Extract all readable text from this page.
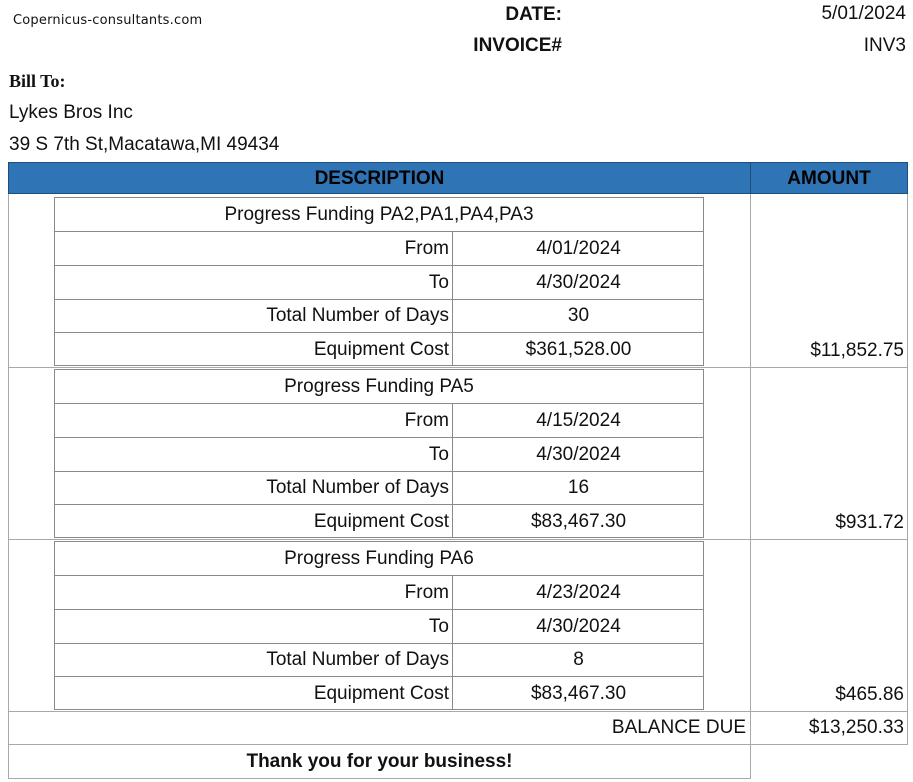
Copernicus-consultants.com	DATE:	5/01/2024
INVOICE#	INV3
Bill To:
Lykes Bros Inc
39 S 7th St,Macatawa,MI 49434
DESCRIPTION	AMOUNT
Progress Funding PA2,PA1,PA4,PA3
From	4/01/2024
To	4/30/2024
Total Number of Days	30
Equipment Cost	$361,528.00	$11,852.75
Progress Funding PA5
From	4/15/2024
To	4/30/2024
Total Number of Days	16
Equipment Cost	$83,467.30	$931.72
Progress Funding PA6
From	4/23/2024
To	4/30/2024
Total Number of Days	8
Equipment Cost	$83,467.30	$465.86
BALANCE DUE	$13,250.33
Thank you for your business!
